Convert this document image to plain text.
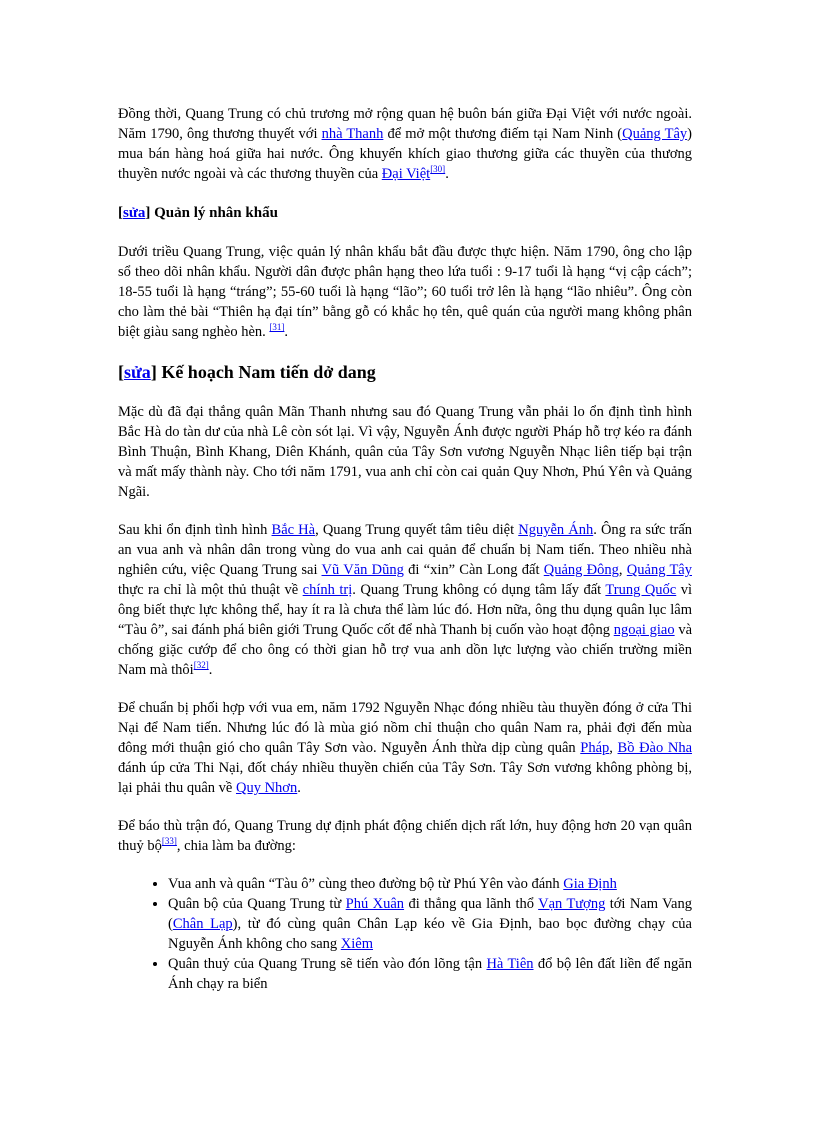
Đồng thời, Quang Trung có chủ trương mở rộng quan hệ buôn bán giữa Đại Việt với nước ngoài. Năm 1790, ông thương thuyết với nhà Thanh để mở một thương điếm tại Nam Ninh (Quảng Tây) mua bán hàng hoá giữa hai nước. Ông khuyến khích giao thương giữa các thuyền của thương thuyền nước ngoài và các thương thuyền của Đại Việt[30].

[sửa] Quản lý nhân khẩu

Dưới triều Quang Trung, việc quản lý nhân khẩu bắt đầu được thực hiện. Năm 1790, ông cho lập sổ theo dõi nhân khẩu. Người dân được phân hạng theo lứa tuổi : 9-17 tuổi là hạng “vị cập cách”; 18-55 tuổi là hạng “tráng”; 55-60 tuổi là hạng “lão”; 60 tuổi trở lên là hạng “lão nhiêu”. Ông còn cho làm thẻ bài “Thiên hạ đại tín” bằng gỗ có khắc họ tên, quê quán của người mang không phân biệt giàu sang nghèo hèn. [31].

[sửa] Kế hoạch Nam tiến dở dang

Mặc dù đã đại thắng quân Mãn Thanh nhưng sau đó Quang Trung vẫn phải lo ổn định tình hình Bắc Hà do tàn dư của nhà Lê còn sót lại. Vì vậy, Nguyễn Ánh được người Pháp hỗ trợ kéo ra đánh Bình Thuận, Bình Khang, Diên Khánh, quân của Tây Sơn vương Nguyễn Nhạc liên tiếp bại trận và mất mấy thành này. Cho tới năm 1791, vua anh chỉ còn cai quản Quy Nhơn, Phú Yên và Quảng Ngãi.

Sau khi ổn định tình hình Bắc Hà, Quang Trung quyết tâm tiêu diệt Nguyễn Ánh. Ông ra sức trấn an vua anh và nhân dân trong vùng do vua anh cai quản để chuẩn bị Nam tiến. Theo nhiều nhà nghiên cứu, việc Quang Trung sai Vũ Văn Dũng đi “xin” Càn Long đất Quảng Đông, Quảng Tây thực ra chỉ là một thủ thuật về chính trị. Quang Trung không có dụng tâm lấy đất Trung Quốc vì ông biết thực lực không thể, hay ít ra là chưa thể làm lúc đó. Hơn nữa, ông thu dụng quân lục lâm “Tàu ô”, sai đánh phá biên giới Trung Quốc cốt để nhà Thanh bị cuốn vào hoạt động ngoại giao và chống giặc cướp để cho ông có thời gian hỗ trợ vua anh dồn lực lượng vào chiến trường miền Nam mà thôi[32].

Để chuẩn bị phối hợp với vua em, năm 1792 Nguyễn Nhạc đóng nhiều tàu thuyền đóng ở cửa Thi Nại để Nam tiến. Nhưng lúc đó là mùa gió nồm chỉ thuận cho quân Nam ra, phải đợi đến mùa đông mới thuận gió cho quân Tây Sơn vào. Nguyễn Ánh thừa dịp cùng quân Pháp, Bồ Đào Nha đánh úp cửa Thi Nại, đốt cháy nhiều thuyền chiến của Tây Sơn. Tây Sơn vương không phòng bị, lại phải thu quân về Quy Nhơn.

Để báo thù trận đó, Quang Trung dự định phát động chiến dịch rất lớn, huy động hơn 20 vạn quân thuỷ bộ[33], chia làm ba đường:

• Vua anh và quân “Tàu ô” cùng theo đường bộ từ Phú Yên vào đánh Gia Định
• Quân bộ của Quang Trung từ Phú Xuân đi thẳng qua lãnh thổ Vạn Tượng tới Nam Vang (Chân Lạp), từ đó cùng quân Chân Lạp kéo về Gia Định, bao bọc đường chạy của Nguyễn Ánh không cho sang Xiêm
• Quân thuỷ của Quang Trung sẽ tiến vào đón lõng tận Hà Tiên đổ bộ lên đất liền để ngăn Ánh chạy ra biển
